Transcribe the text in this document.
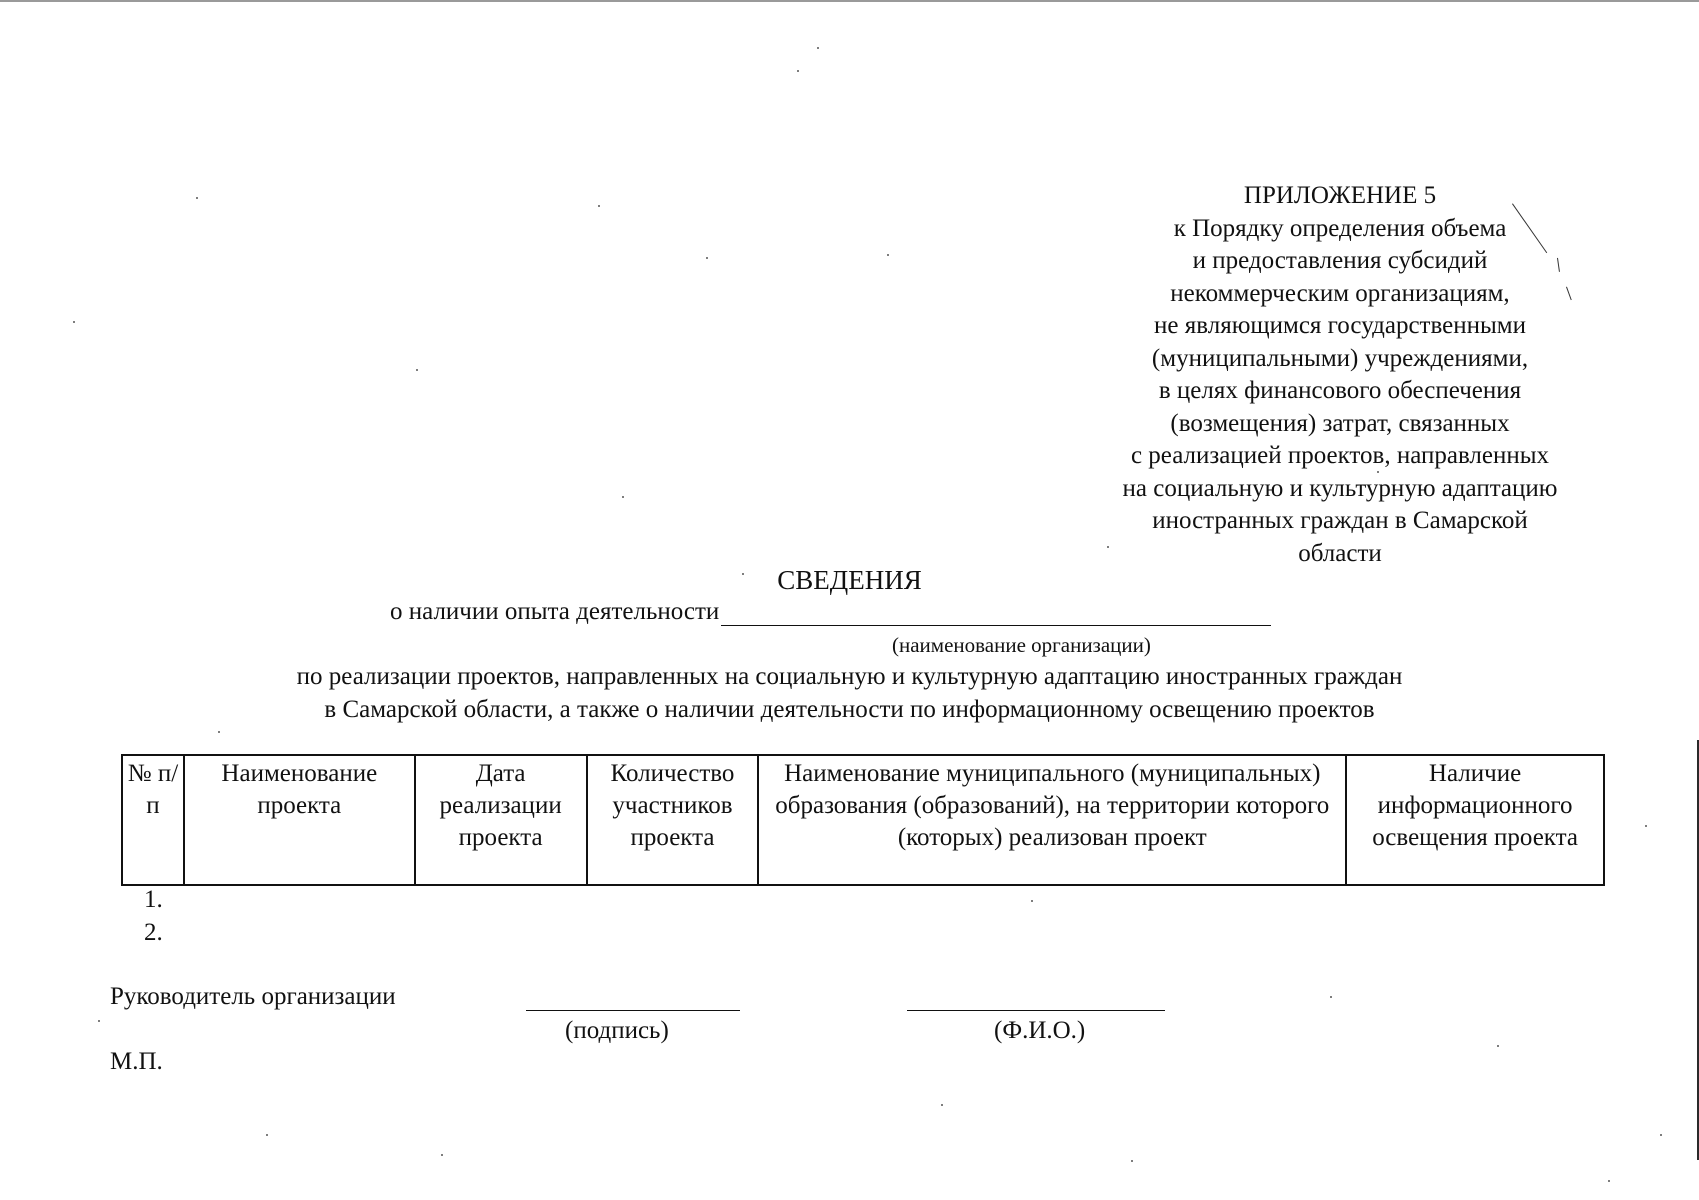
ПРИЛОЖЕНИЕ 5
к Порядку определения объема
и предоставления субсидий
некоммерческим организациям,
не являющимся государственными
(муниципальными) учреждениями,
в целях финансового обеспечения
(возмещения) затрат, связанных
с реализацией проектов, направленных
на социальную и культурную адаптацию
иностранных граждан в Самарской
области
СВЕДЕНИЯ
о наличии опыта деятельности
(наименование организации)
по реализации проектов, направленных на социальную и культурную адаптацию иностранных граждан
в Самарской области, а также о наличии деятельности по информационному освещению проектов
№ п/п	Наименование проекта	Дата реализации проекта	Количество участников проекта	Наименование муниципального (муниципальных) образования (образований), на территории которого (которых) реализован проект	Наличие информационного освещения проекта
1.
2.
Руководитель организации
(подпись)	(Ф.И.О.)
М.П.
